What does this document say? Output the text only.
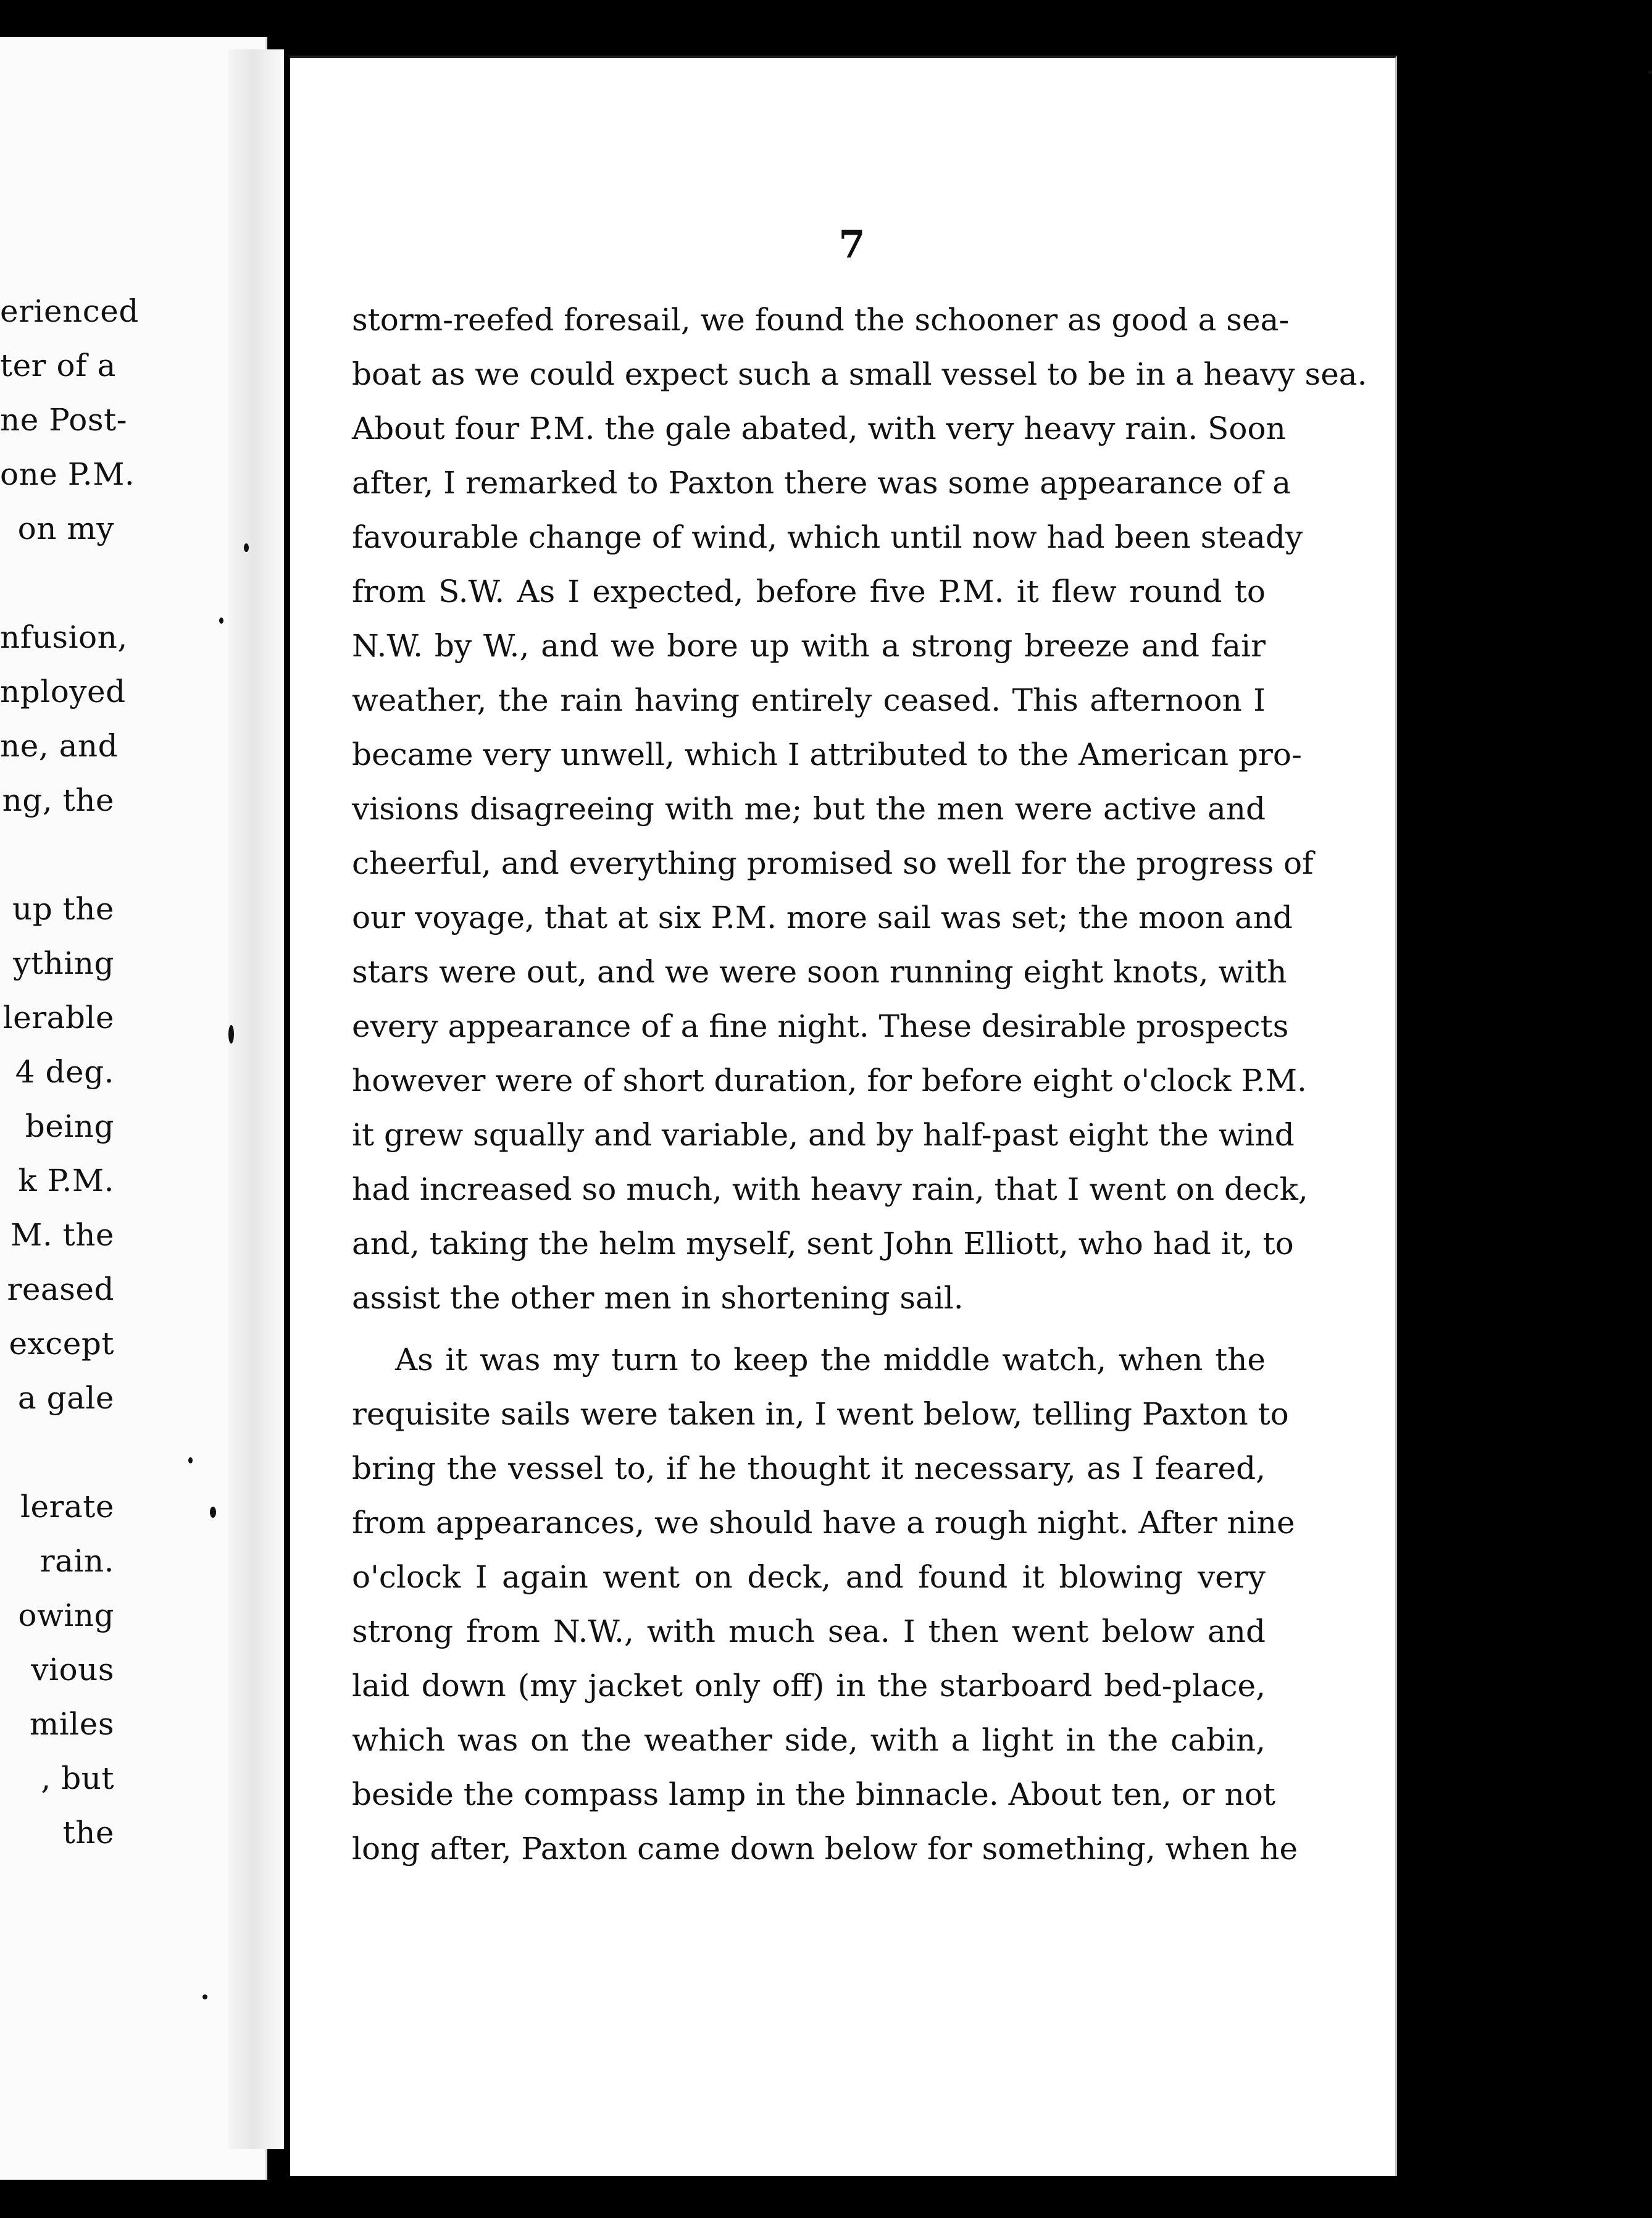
erienced
ter of a
ne Post-
one P.M.
on my
nfusion,
nployed
ne, and
ng, the
up the
ything
lerable
4 deg.
being
k P.M.
M. the
reased
except
a gale
lerate
rain.
owing
vious
miles
, but
the
7
storm-reefed foresail, we found the schooner as good a sea-
boat as we could expect such a small vessel to be in a heavy sea.
About four P.M. the gale abated, with very heavy rain. Soon
after, I remarked to Paxton there was some appearance of a
favourable change of wind, which until now had been steady
from S.W. As I expected, before five P.M. it flew round to
N.W. by W., and we bore up with a strong breeze and fair
weather, the rain having entirely ceased. This afternoon I
became very unwell, which I attributed to the American pro-
visions disagreeing with me; but the men were active and
cheerful, and everything promised so well for the progress of
our voyage, that at six P.M. more sail was set; the moon and
stars were out, and we were soon running eight knots, with
every appearance of a fine night. These desirable prospects
however were of short duration, for before eight o'clock P.M.
it grew squally and variable, and by half-past eight the wind
had increased so much, with heavy rain, that I went on deck,
and, taking the helm myself, sent John Elliott, who had it, to
assist the other men in shortening sail.
As it was my turn to keep the middle watch, when the
requisite sails were taken in, I went below, telling Paxton to
bring the vessel to, if he thought it necessary, as I feared,
from appearances, we should have a rough night. After nine
o'clock I again went on deck, and found it blowing very
strong from N.W., with much sea. I then went below and
laid down (my jacket only off) in the starboard bed-place,
which was on the weather side, with a light in the cabin,
beside the compass lamp in the binnacle. About ten, or not
long after, Paxton came down below for something, when he
